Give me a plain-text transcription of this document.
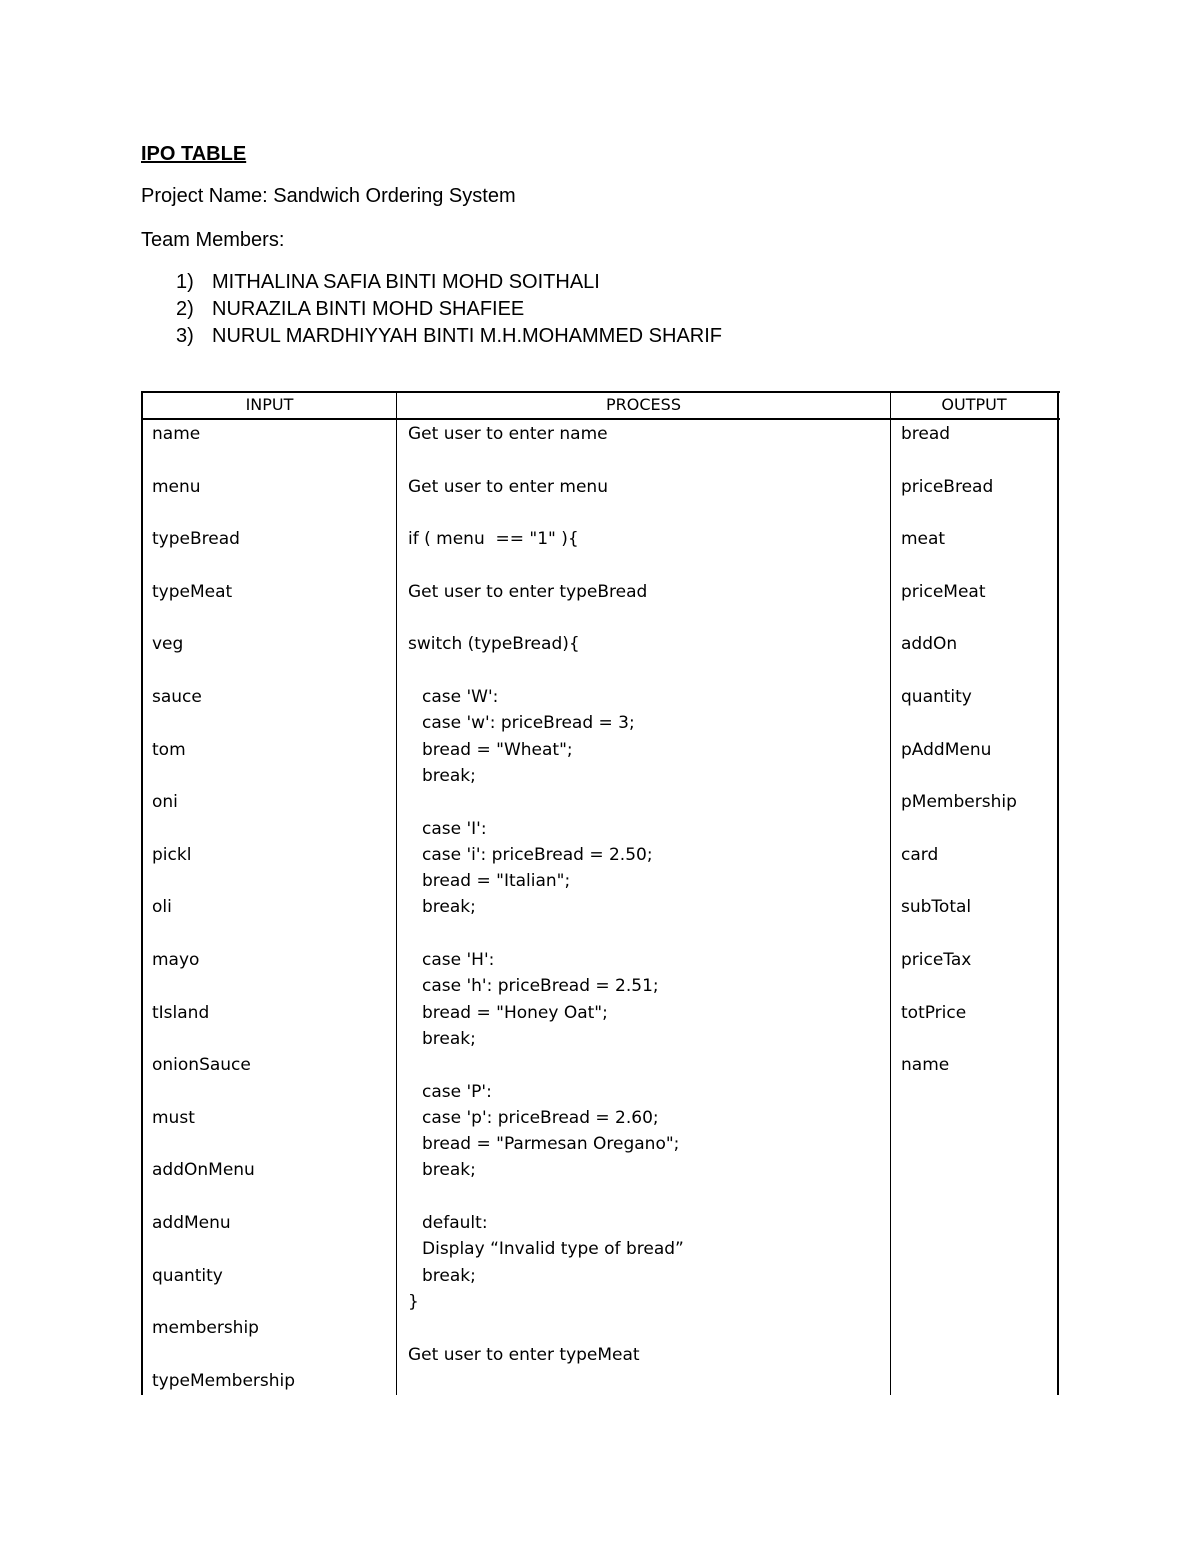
IPO TABLE
Project Name: Sandwich Ordering System
Team Members:
1) MITHALINA SAFIA BINTI MOHD SOITHALI
2) NURAZILA BINTI MOHD SHAFIEE
3) NURUL MARDHIYYAH BINTI M.H.MOHAMMED SHARIF
INPUT	PROCESS	OUTPUT
name
menu
typeBread
typeMeat
veg
sauce
tom
oni
pickl
oli
mayo
tIsland
onionSauce
must
addOnMenu
addMenu
quantity
membership
typeMembership
Get user to enter name
Get user to enter menu
if ( menu  == "1" ){
Get user to enter typeBread
switch (typeBread){
case 'W':
case 'w': priceBread = 3;
bread = "Wheat";
break;
case 'I':
case 'i': priceBread = 2.50;
bread = "Italian";
break;
case 'H':
case 'h': priceBread = 2.51;
bread = "Honey Oat";
break;
case 'P':
case 'p': priceBread = 2.60;
bread = "Parmesan Oregano";
break;
default:
Display “Invalid type of bread”
break;
}
Get user to enter typeMeat
bread
priceBread
meat
priceMeat
addOn
quantity
pAddMenu
pMembership
card
subTotal
priceTax
totPrice
name
